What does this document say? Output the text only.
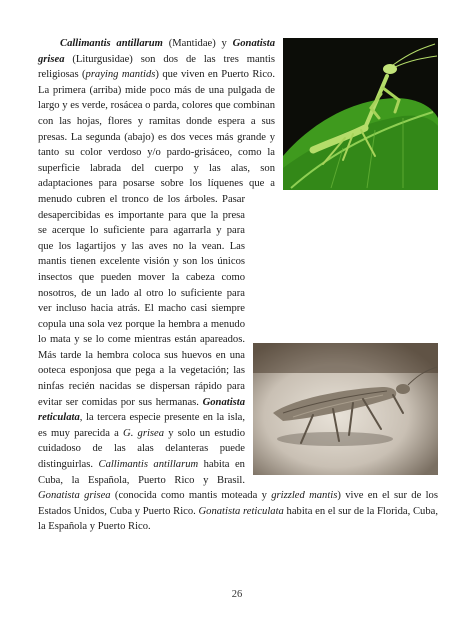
Callimantis antillarum (Mantidae) y Gonatista grisea (Liturgusidae) son dos de las tres mantis religiosas (praying mantids) que viven en Puerto Rico. La primera (arriba) mide poco más de una pulgada de largo y es verde, rosácea o parda, colores que combinan con las hojas, flores y ramitas donde espera a sus presas. La segunda (abajo) es dos veces más grande y tanto su color verdoso y/o pardo-grisáceo, como la superficie labrada del cuerpo y las alas, son adaptaciones para posarse sobre los líquenes que a menudo cubren el tronco de los árboles. Pasar desapercibidas es importante para que la presa se acerque lo suficiente para agarrarla y para que los lagartijos y las aves no la vean. Las mantis tienen excelente visión y son los únicos insectos que pueden mover la cabeza como nosotros, de un lado al otro lo suficiente para ver incluso hacia atrás. El macho casi siempre copula una sola vez porque la hembra a menudo lo mata y se lo come mientras están apareados. Más tarde la hembra coloca sus huevos en una ooteca esponjosa que pega a la vegetación; las ninfas recién nacidas se dispersan rápido para evitar ser comidas por sus hermanas. Gonatista reticulata, la tercera especie presente en la isla, es muy parecida a G. grisea y solo un estudio cuidadoso de las alas delanteras puede distinguirlas. Callimantis antillarum habita en Cuba, la Española, Puerto Rico y Brasil. Gonatista grisea (conocida como mantis moteada y grizzled mantis) vive en el sur de los Estados Unidos, Cuba y Puerto Rico. Gonatista reticulata habita en el sur de la Florida, Cuba, la Española y Puerto Rico.

26
